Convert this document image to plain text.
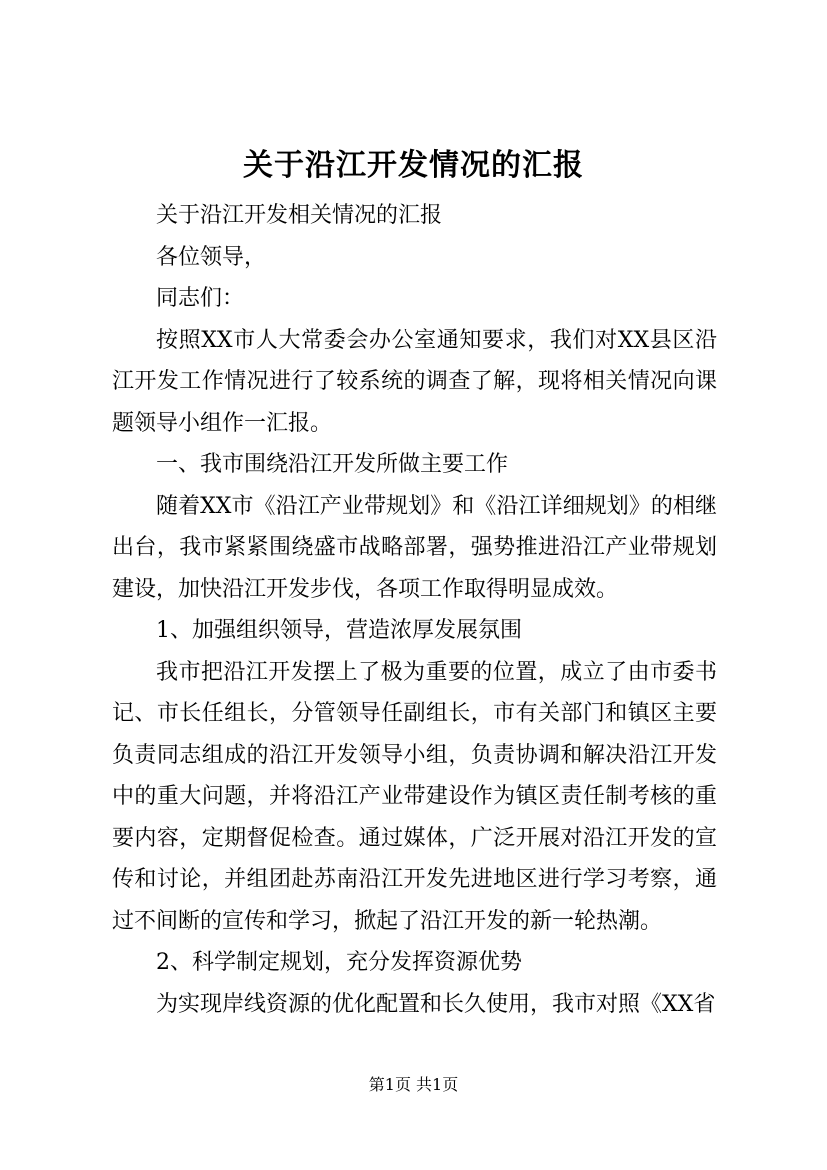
关于沿江开发情况的汇报

关于沿江开发相关情况的汇报

各位领导，

同志们：

按照XX市人大常委会办公室通知要求，我们对XX县区沿江开发工作情况进行了较系统的调查了解，现将相关情况向课题领导小组作一汇报。

一、我市围绕沿江开发所做主要工作

随着XX市《沿江产业带规划》和《沿江详细规划》的相继出台，我市紧紧围绕盛市战略部署，强势推进沿江产业带规划建设，加快沿江开发步伐，各项工作取得明显成效。

1、加强组织领导，营造浓厚发展氛围

我市把沿江开发摆上了极为重要的位置，成立了由市委书记、市长任组长，分管领导任副组长，市有关部门和镇区主要负责同志组成的沿江开发领导小组，负责协调和解决沿江开发中的重大问题，并将沿江产业带建设作为镇区责任制考核的重要内容，定期督促检查。通过媒体，广泛开展对沿江开发的宣传和讨论，并组团赴苏南沿江开发先进地区进行学习考察，通过不间断的宣传和学习，掀起了沿江开发的新一轮热潮。

2、科学制定规划，充分发挥资源优势

为实现岸线资源的优化配置和长久使用，我市对照《XX省

第1页 共1页
